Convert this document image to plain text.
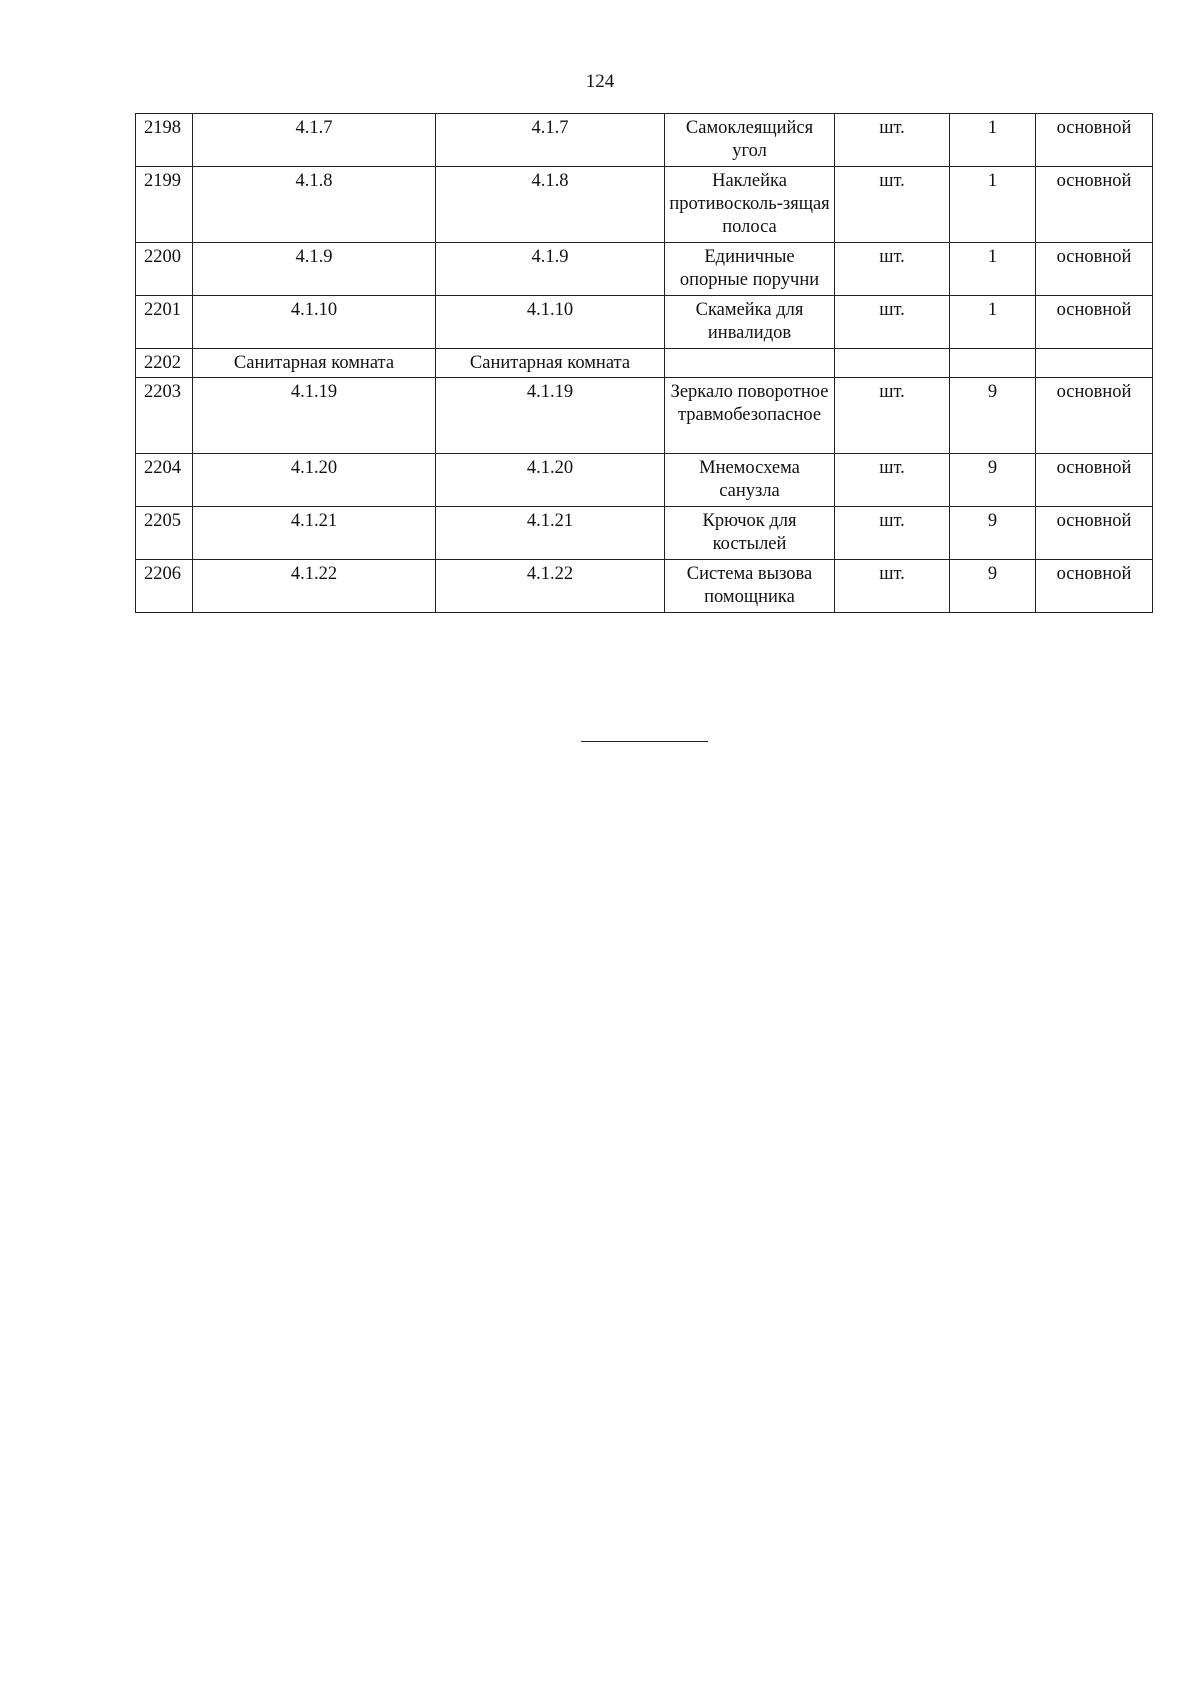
124
2198	4.1.7	4.1.7	Самоклеящийся угол	шт.	1	основной
2199	4.1.8	4.1.8	Наклейка противосколь-зящая полоса	шт.	1	основной
2200	4.1.9	4.1.9	Единичные опорные поручни	шт.	1	основной
2201	4.1.10	4.1.10	Скамейка для инвалидов	шт.	1	основной
2202	Санитарная комната	Санитарная комната				
2203	4.1.19	4.1.19	Зеркало поворотное травмобезопасное	шт.	9	основной
2204	4.1.20	4.1.20	Мнемосхема санузла	шт.	9	основной
2205	4.1.21	4.1.21	Крючок для костылей	шт.	9	основной
2206	4.1.22	4.1.22	Система вызова помощника	шт.	9	основной
